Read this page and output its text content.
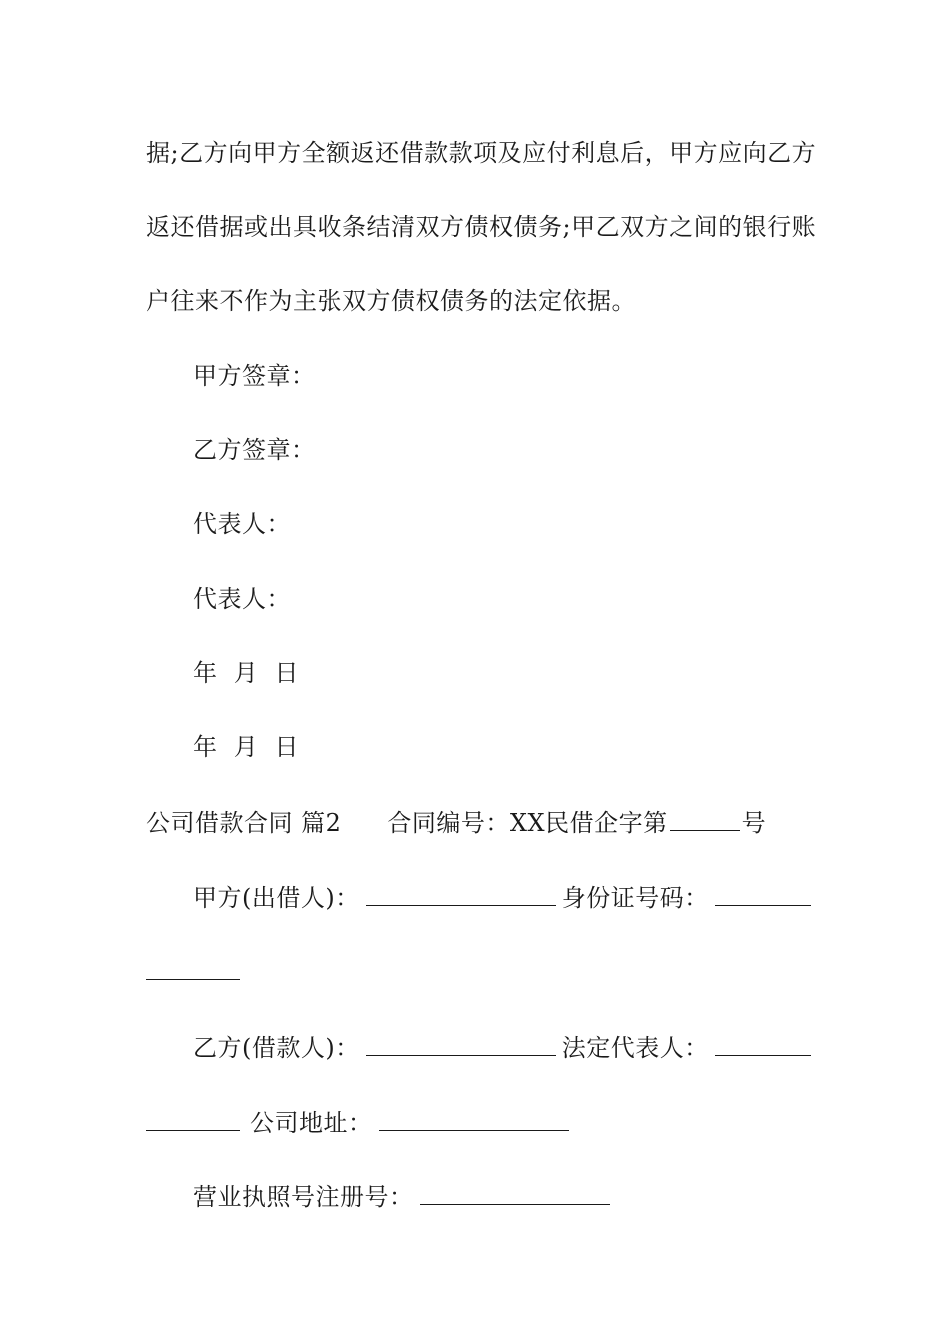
据;乙方向甲方全额返还借款款项及应付利息后，甲方应向乙方
返还借据或出具收条结清双方债权债务;甲乙双方之间的银行账
户往来不作为主张双方债权债务的法定依据。
甲方签章：
乙方签章：
代表人：
代表人：
年  月  日
年  月  日
公司借款合同 篇2 合同编号：XX民借企字第	号
甲方(出借人)：	身份证号码：
乙方(借款人)：	法定代表人：
公司地址：
营业执照号注册号：
